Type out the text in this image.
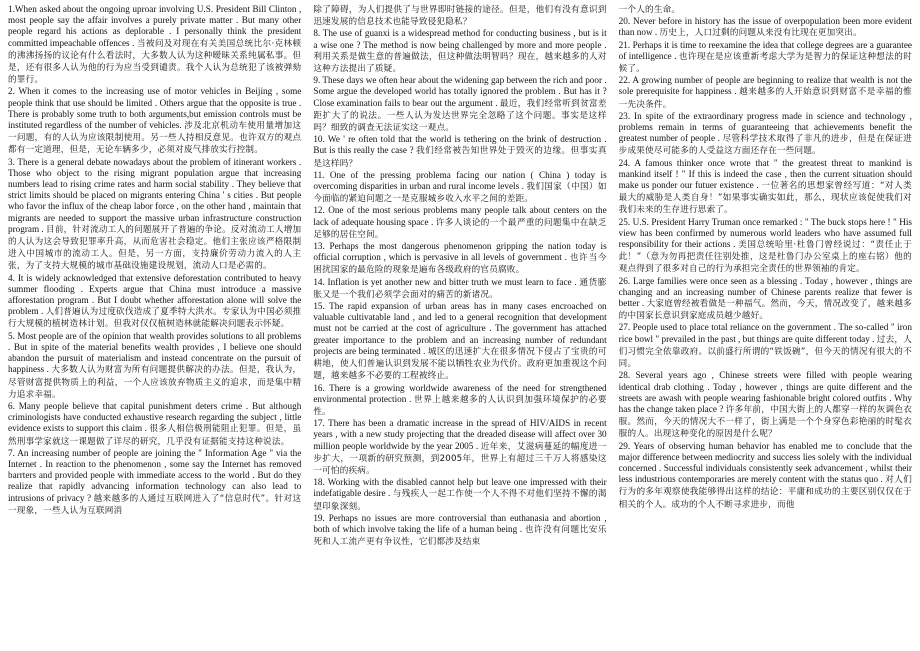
1.When asked about the ongoing uproar involving U.S. President Bill Clinton , most people say the affair involves a purely private matter . But many other people regard his actions as deplorable . I personally think the president committed impeachable offences . 当被问及对现在有关美国总统比尔·克林顿的沸沸扬扬的议论有什么看法时，大多数人认为这种暧昧关系纯属私事。但是，还有很多人认为他的行为应当受到谴责。我个人认为总统犯了该被弹劾的罪行。

2. When it comes to the increasing use of motor vehicles in Beijing , some people think that use should be limited . Others argue that the opposite is true . There is probably some truth to both arguments,but emission controls must be instituted regardless of the number of vehicles. 涉及北京机动车使用量增加这一问题，有的人认为应该限制使用。另一些人持相反意见。也许双方的观点都有一定道理，但是，无论车辆多少，必须对废气排放实行控制。

3. There is a general debate nowadays about the problem of itinerant workers . Those who object to the rising migrant population argue that increasing numbers lead to rising crime rates and harm social stability . They believe that strict limits should be placed on migrants entering China ' s cities . But people who favor the influx of the cheap labor force , on the other hand , maintain that migrants are needed to support the massive urban infrastructure construction program . 目前，针对流动工人的问题展开了普遍的争论。反对流动工人增加的人认为这会导致犯罪率升高，从而危害社会稳定。他们主张应该严格限制进入中国城市的流动工人。但是，另一方面，支持廉价劳动力流入的人主张，为了支持大规模的城市基础设施建设规划，流动人口是必需的。

4. It is widely acknowledged that extensive deforestation contributed to heavy summer flooding . Experts argue that China must introduce a massive afforestation program . But I doubt whether afforestation alone will solve the problem . 人们普遍认为过度砍伐造成了夏季特大洪水。专家认为中国必须推行大规模的植树造林计划。但我对仅仅植树造林就能解决问题表示怀疑。

5. Most people are of the opinion that wealth provides solutions to all problems . But in spite of the material benefits wealth provides , I believe one should abandon the pursuit of materialism and instead concentrate on the pursuit of happiness . 大多数人认为财富为所有问题提供解决的办法。但是，我认为，尽管财富提供物质上的利益，一个人应该放弃物质主义的追求，而是集中精力追求幸福。

6. Many people believe that capital punishment deters crime . But although criminologists have conducted exhaustive research regarding the subject , little evidence exists to support this claim . 很多人相信极刑能阻止犯罪。但是，虽然刑事学家就这一课题做了详尽的研究，几乎没有证据能支持这种说法。

7. An increasing number of people are joining the " Information Age " via the Internet . In reaction to the phenomenon , some say the Internet has removed barrters and provided people with immediate access to the world . But do they realize that rapidly advancing information technology can also lead to intrusions of privacy ? 越来越多的人通过互联网进入了“信息时代”。针对这一现象，一些人认为互联网消

除了障碍，为人们提供了与世界即时链接的途径。但是，他们有没有意识到迅速发展的信息技术也能导致侵犯隐私？

8. The use of guanxi is a widespread method for conducting business , but is it a wise one ? The method is now being challenged by more and more people . 利用关系是做生意的普遍做法，但这种做法明智吗？现在，越来越多的人对这种方法提出了质疑。

9. These days we often hear about the widening gap between the rich and poor . Some argue the developed world has totally ignored the problem . But has it ? Close examination fails to bear out the argument . 最近，我们经常听到贫富差距扩大了的说法。一些人认为发达世界完全忽略了这个问题。事实是这样吗？细致的调查无法证实这一观点。

10. We ' re often told that the world is tethering on the brink of destruction . But is this really the case ? 我们经常被告知世界处于毁灭的边缘。但事实真是这样吗？

11. One of the pressing problema facing our nation ( China ) today is overcoming disparities in urban and rural income levels . 我们国家（中国）如今面临的紧迫问题之一是克服城乡收入水平之间的差距。

12. One of the most serious problems many people talk about centers on the lack of adequate housing space . 许多人谈论的一个最严重的问题集中在缺乏足够的居住空间。

13. Perhaps the most dangerous phenomenon gripping the nation today is official corruption , which is pervasive in all levels of government . 也许当今困扰国家的最危险的现象是遍布各级政府的官员腐败。

14. Inflation is yet another new and bitter truth we must learn to face . 通货膨胀又是一个我们必须学会面对的痛苦的新诸况。

15. The rapid expansion of urban areas has in many cases encroached on valuable cultivatable land , and led to a general recognition that development must not be carried at the cost of agriculture . The government has attached greater importance to the problem and an increasing number of redundant projects are being terminated . 城区的迅速扩大在很多情况下侵占了宝贵的可耕地，使人们普遍认识到发展不能以牺牲农业为代价。政府更加重视这个问题，越来越多不必要的工程被终止。

16. There is a growing worldwide awareness of the need for strengthened environmental protection . 世界上越来越多的人认识到加强环境保护的必要性。

17. There has been a dramatic increase in the spread of HIV/AIDS in recent years , with a new study projecting that the dreaded disease will affect over 30 million people worldwide by the year 2005 . 近年来，艾滋病蔓延的幅度进一步扩大，一项新的研究预测，到2005年，世界上有超过三千万人将感染这一可怕的疾病。

18. Working with the disabled cannot help but leave one impressed with their indefatigable desire . 与残疾人一起工作使一个人不得不对他们坚持不懈的渴望印象深刻。

19. Perhaps no issues are more controversial than euthanasia and abortion , both of which involve taking the life of a human being . 也许没有问题比安乐死和人工流产更有争议性，它们都涉及结束

一个人的生命。

20. Never before in history has the issue of overpopulation been more evident than now . 历史上，人口过剩的问题从来没有比现在更加突出。

21. Perhaps it is time to reexamine the idea that college degrees are a guarantee of intelligence . 也许现在是应该重新考虑大学为是智力的保证这种想法的时候了。

22. A growing number of people are beginning to realize that wealth is not the sole prerequisite for happiness . 越来越多的人开始意识到财富不是幸福的惟一先决条件。

23. In spite of the extraordinary progress made in science and technology , problems remain in terms of guaranteeing that achievements benefit the greatest number of people . 尽管科学技术取得了非凡的进步，但是在保证进步成果使尽可能多的人受益这方面还存在一些问题。

24. A famous thinker once wrote that " the greatest threat to mankind is mankind itself ! " If this is indeed the case , then the current situation should make us ponder our futuer existence . 一位著名的思想家曾经写道：“对人类最大的威胁是人类自身！”如果事实确实如此，那么，现状应该促使我们对我们未来的生存进行思索了。

25. U.S. President Harry Truman once remarked : " The buck stops here ! " His view has been confirmed by numerous world leaders who have assumed full responsibility for their actions . 美国总统哈里·杜鲁门曾经说过：“责任止于此！”（意为勿再把责任往别处推，这是杜鲁门办公室桌上的座右铭）他的观点得到了很多对自己的行为承担完全责任的世界领袖的肯定。

26. Large families were once seen as a blessing . Today , however , things are changing and an increasing number of Chinese parents realize that fewer is better . 大家庭曾经被看做是一种福气。然而，今天，情况改变了，越来越多的中国家长意识到家庭成员越少越好。

27. People used to place total reliance on the government . The so-called " iron rice bowl " prevailed in the past , but things are quite different today . 过去，人们习惯完全依靠政府。以前盛行所谓的“铁饭碗”，但今天的情况有很大的不同。

28. Several years ago , Chinese streets were filled with people wearing identical drab clothing . Today , however , things are quite different and the streets are awash with people wearing fashionable bright colored outfits . Why has the change taken place ? 许多年前，中国大街上的人都穿一样的灰调色衣服。然而，今天的情况大不一样了，街上满是一个个身穿色彩艳丽的时髦衣服的人。出现这种变化的原因是什么呢？

29. Years of observing human behavior has enabled me to conclude that the major difference between mediocrity and success lies solely with the individual concerned . Successful individuals consistently seek advancement , whilst their less industrious contemporaries are merely content with the status quo . 对人们行为的多年观察使我能够得出这样的结论：平庸和成功的主要区别仅仅在于相关的个人。成功的个人不断寻求进步，而他
